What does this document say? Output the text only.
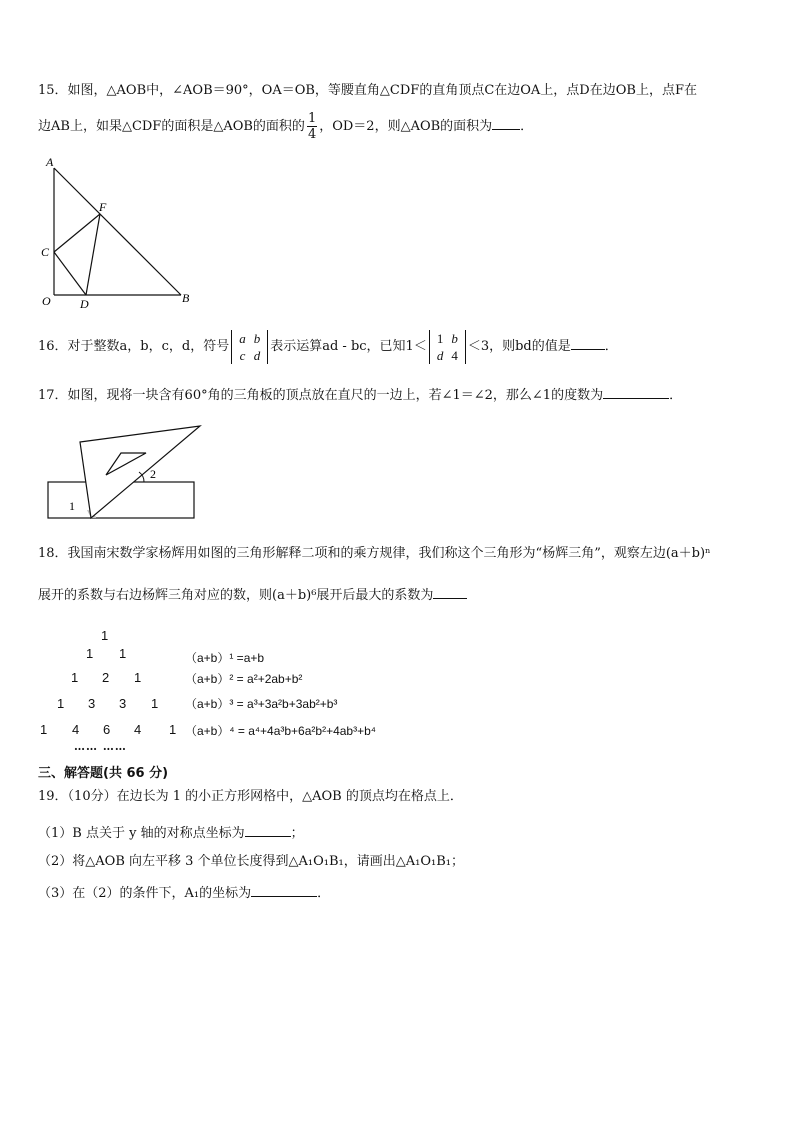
15．如图，△AOB中，∠AOB＝90°，OA＝OB，等腰直角△CDF的直角顶点C在边OA上，点D在边OB上，点F在
边AB上，如果△CDF的面积是△AOB的面积的 $\frac{1}{4}$ ，OD＝2，则△AOB的面积为 ．
A
F
C
O D	B
16．对于整数a，b，c，d，符号
a	b
c	d
表示运算ad - bc，已知1＜
1	b
d	4
＜3，则bd的值是	．
17．如图，现将一块含有60°角的三角板的顶点放在直尺的一边上，若∠1＝∠2，那么∠1的度数为	．
1
2
18．我国南宋数学家杨辉用如图的三角形解释二项和的乘方规律，我们称这个三角形为“杨辉三角”，观察左边(a＋b)ⁿ
展开的系数与右边杨辉三角对应的数，则(a＋b)⁶展开后最大的系数为
1
1 1
1 2 1
1 3 3 1
1 4 6 4 1
…… ……
（a+b）¹ =a+b
（a+b）² = a²+2ab+b²
（a+b）³ = a³+3a²b+3ab²+b³
（a+b）⁴ = a⁴+4a³b+6a²b²+4ab³+b⁴
三、解答题(共 66 分)
19．（10分）在边长为 1 的小正方形网格中，△AOB 的顶点均在格点上．
（1）B 点关于 y 轴的对称点坐标为	；
（2）将△AOB 向左平移 3 个单位长度得到△A₁O₁B₁，请画出△A₁O₁B₁；
（3）在（2）的条件下，A₁的坐标为	．
